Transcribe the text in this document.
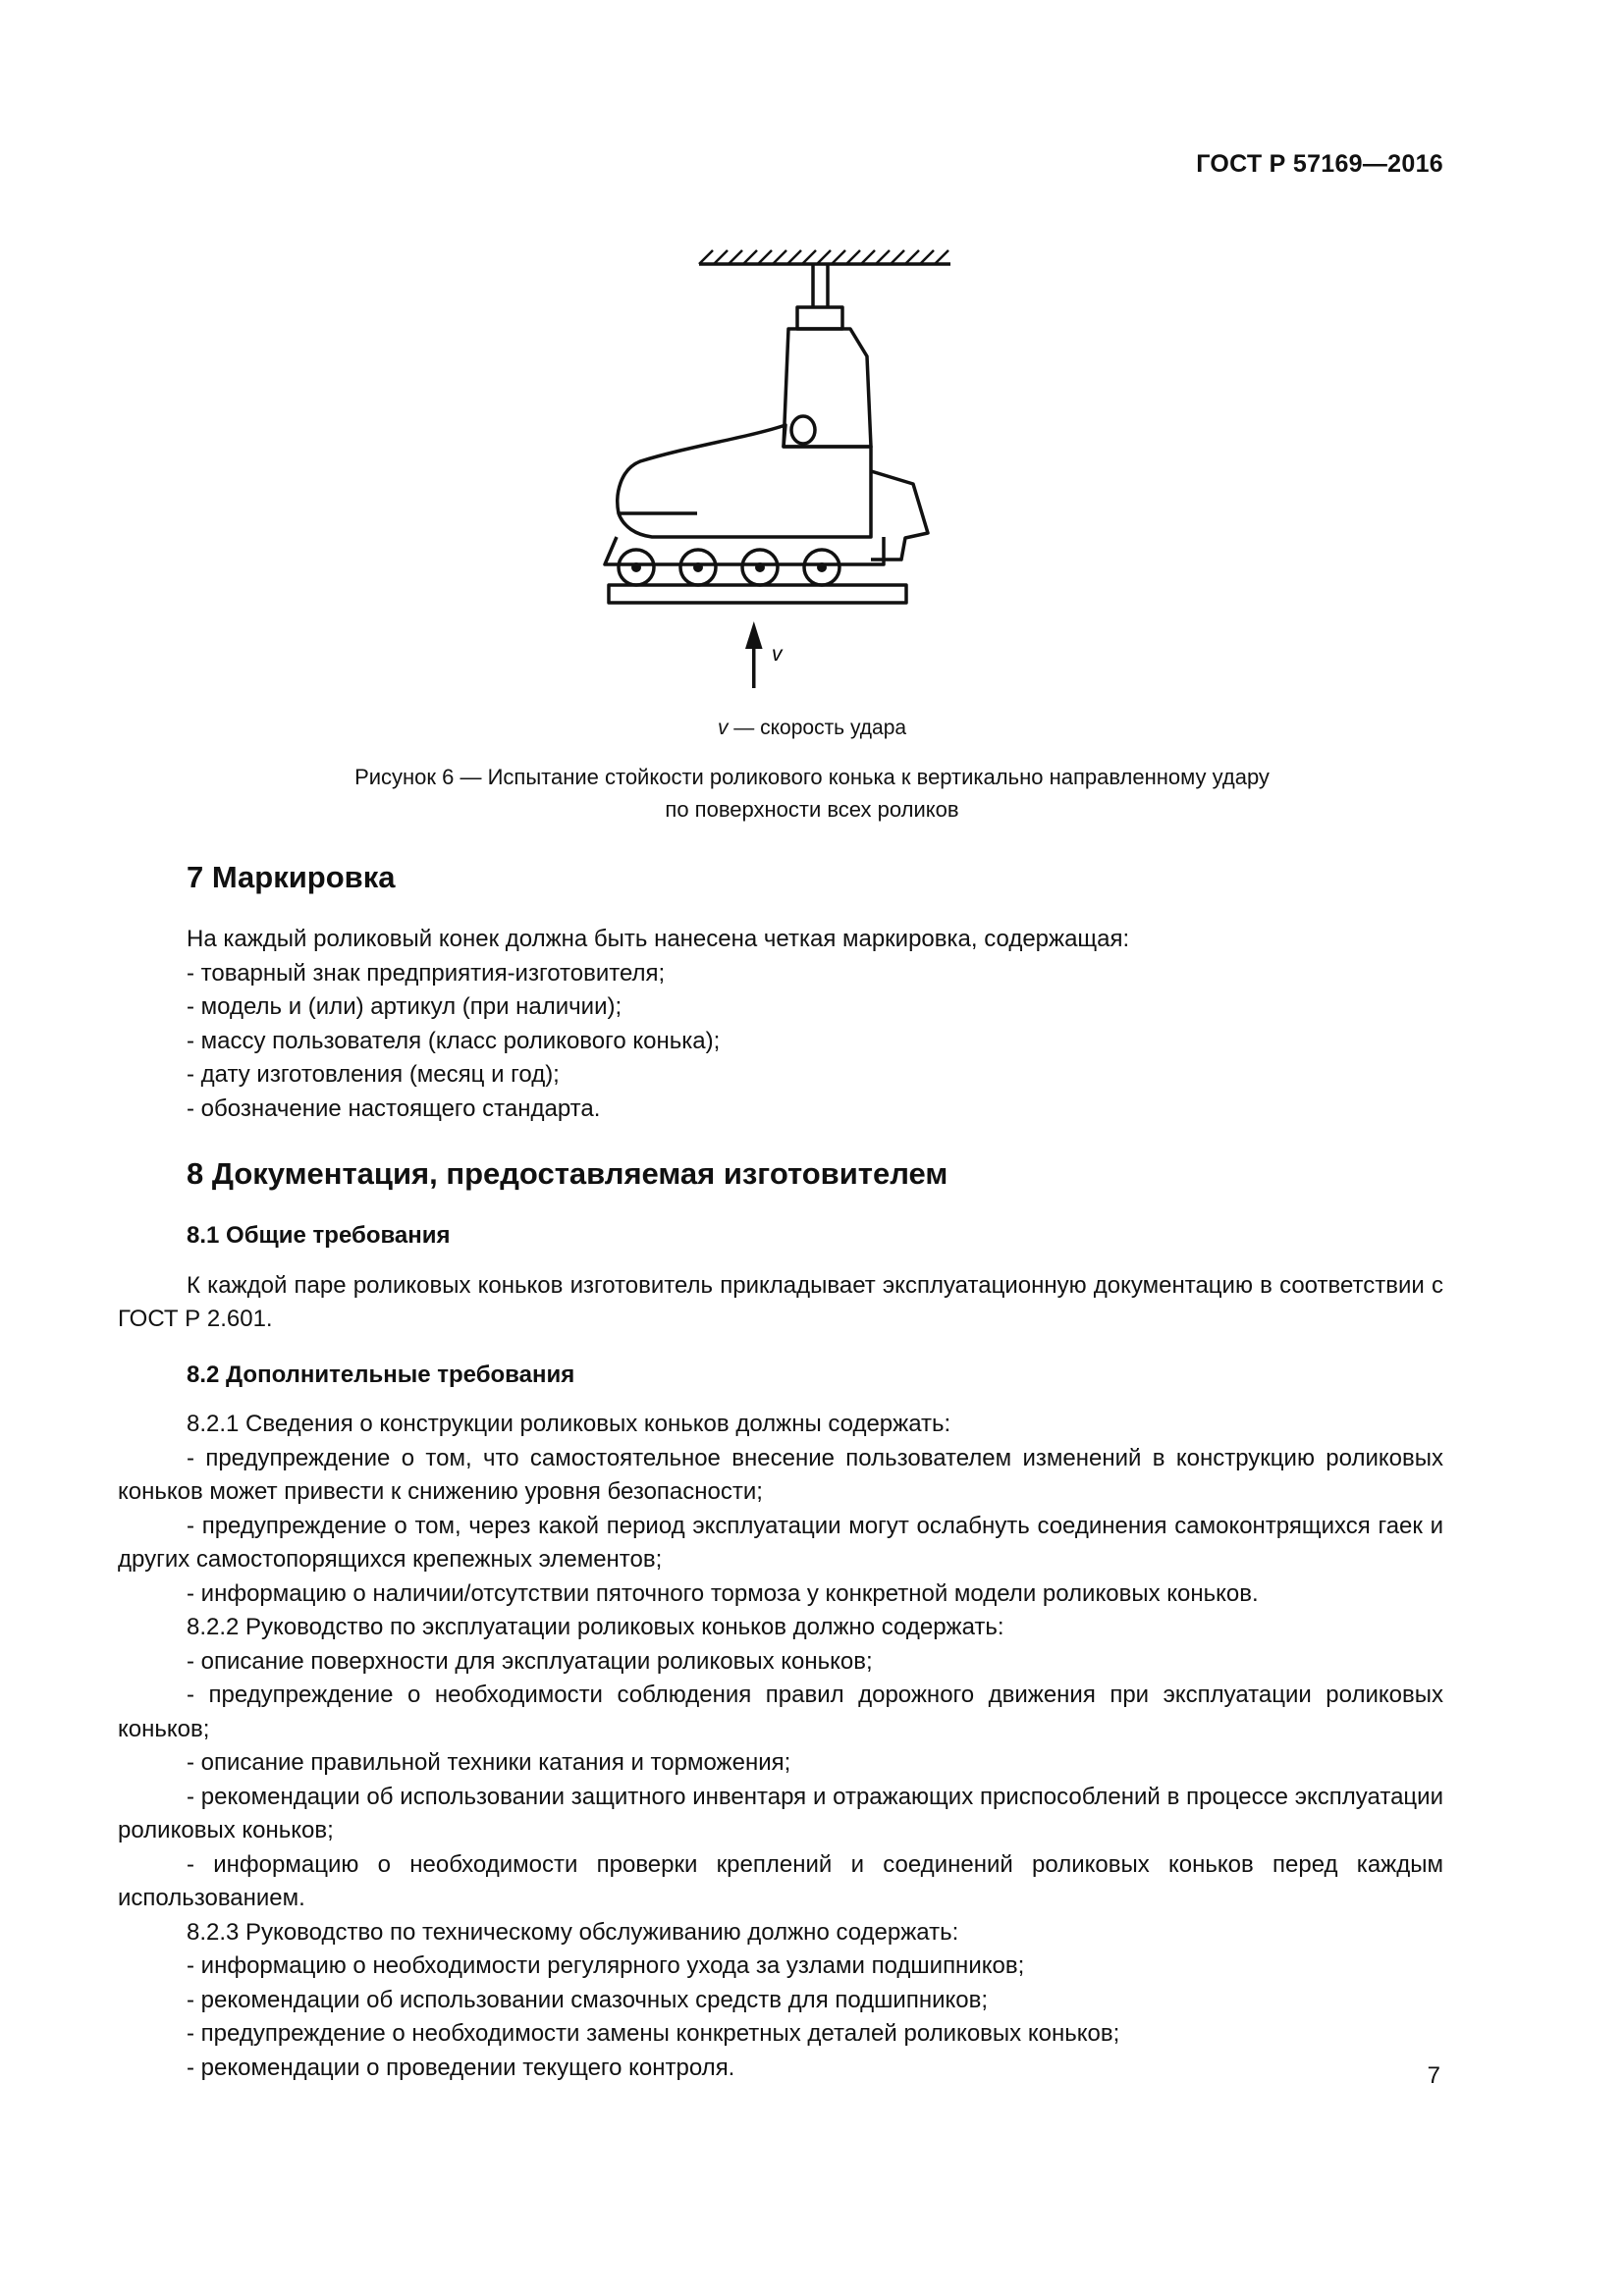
ГОСТ Р 57169—2016
v
v — скорость удара
Рисунок 6 — Испытание стойкости роликового конька к вертикально направленному удару
по поверхности всех роликов
7 Маркировка
На каждый роликовый конек должна быть нанесена четкая маркировка, содержащая:
- товарный знак предприятия-изготовителя;
- модель и (или) артикул (при наличии);
- массу пользователя (класс роликового конька);
- дату изготовления (месяц и год);
- обозначение настоящего стандарта.
8 Документация, предоставляемая изготовителем
8.1 Общие требования
К каждой паре роликовых коньков изготовитель прикладывает эксплуатационную документацию в соответствии с ГОСТ Р 2.601.
8.2 Дополнительные требования
8.2.1 Сведения о конструкции роликовых коньков должны содержать:
- предупреждение о том, что самостоятельное внесение пользователем изменений в конструкцию роликовых коньков может привести к снижению уровня безопасности;
- предупреждение о том, через какой период эксплуатации могут ослабнуть соединения самоконтрящихся гаек и других самостопорящихся крепежных элементов;
- информацию о наличии/отсутствии пяточного тормоза у конкретной модели роликовых коньков.
8.2.2 Руководство по эксплуатации роликовых коньков должно содержать:
- описание поверхности для эксплуатации роликовых коньков;
- предупреждение о необходимости соблюдения правил дорожного движения при эксплуатации роликовых коньков;
- описание правильной техники катания и торможения;
- рекомендации об использовании защитного инвентаря и отражающих приспособлений в процессе эксплуатации роликовых коньков;
- информацию о необходимости проверки креплений и соединений роликовых коньков перед каждым использованием.
8.2.3 Руководство по техническому обслуживанию должно содержать:
- информацию о необходимости регулярного ухода за узлами подшипников;
- рекомендации об использовании смазочных средств для подшипников;
- предупреждение о необходимости замены конкретных деталей роликовых коньков;
- рекомендации о проведении текущего контроля.	7
